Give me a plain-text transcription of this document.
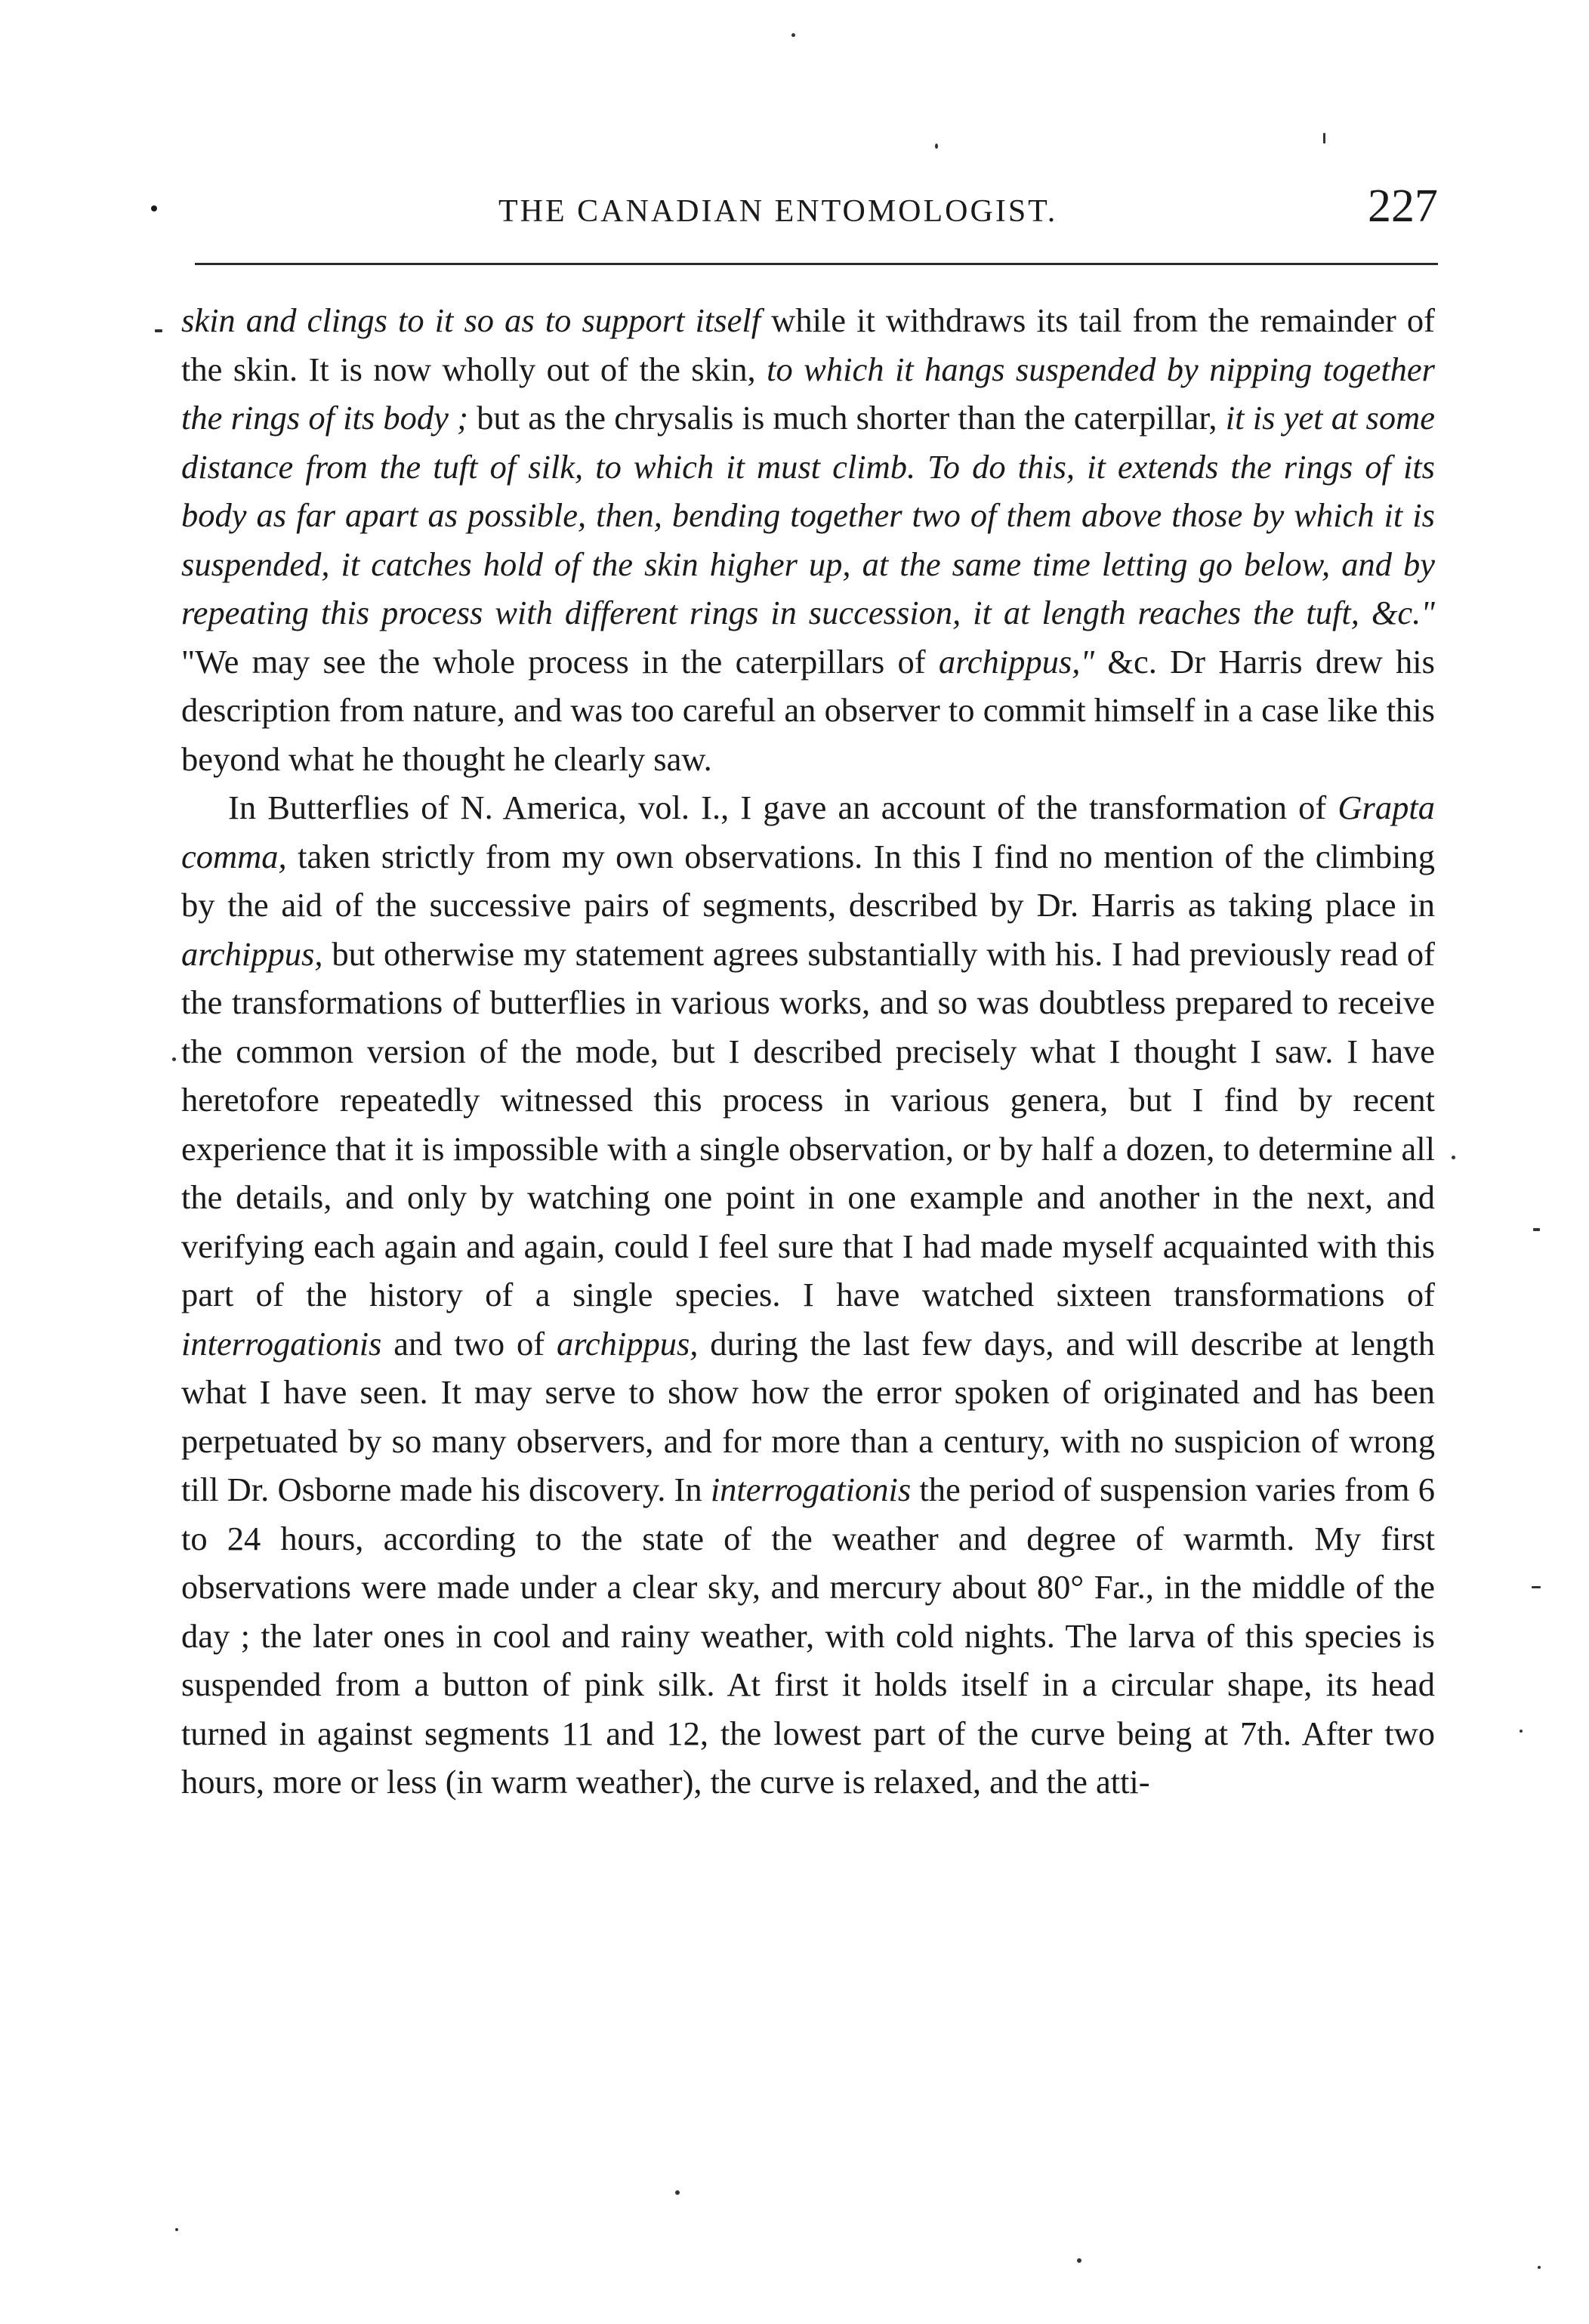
THE CANADIAN ENTOMOLOGIST.	227

skin and clings to it so as to support itself while it withdraws its tail from the remainder of the skin. It is now wholly out of the skin, to which it hangs suspended by nipping together the rings of its body ; but as the chrysalis is much shorter than the caterpillar, it is yet at some distance from the tuft of silk, to which it must climb. To do this, it extends the rings of its body as far apart as possible, then, bending together two of them above those by which it is suspended, it catches hold of the skin higher up, at the same time letting go below, and by repeating this process with different rings in succession, it at length reaches the tuft, &c." "We may see the whole process in the caterpillars of archippus," &c. Dr Harris drew his description from nature, and was too careful an observer to commit himself in a case like this beyond what he thought he clearly saw.

In Butterflies of N. America, vol. I., I gave an account of the transformation of Grapta comma, taken strictly from my own observations. In this I find no mention of the climbing by the aid of the successive pairs of segments, described by Dr. Harris as taking place in archippus, but otherwise my statement agrees substantially with his. I had previously read of the transformations of butterflies in various works, and so was doubtless prepared to receive the common version of the mode, but I described precisely what I thought I saw. I have heretofore repeatedly witnessed this process in various genera, but I find by recent experience that it is impossible with a single observation, or by half a dozen, to determine all the details, and only by watching one point in one example and another in the next, and verifying each again and again, could I feel sure that I had made myself acquainted with this part of the history of a single species. I have watched sixteen transformations of interrogationis and two of archippus, during the last few days, and will describe at length what I have seen. It may serve to show how the error spoken of originated and has been perpetuated by so many observers, and for more than a century, with no suspicion of wrong till Dr. Osborne made his discovery. In interrogationis the period of suspension varies from 6 to 24 hours, according to the state of the weather and degree of warmth. My first observations were made under a clear sky, and mercury about 80° Far., in the middle of the day ; the later ones in cool and rainy weather, with cold nights. The larva of this species is suspended from a button of pink silk. At first it holds itself in a circular shape, its head turned in against segments 11 and 12, the lowest part of the curve being at 7th. After two hours, more or less (in warm weather), the curve is relaxed, and the atti-
